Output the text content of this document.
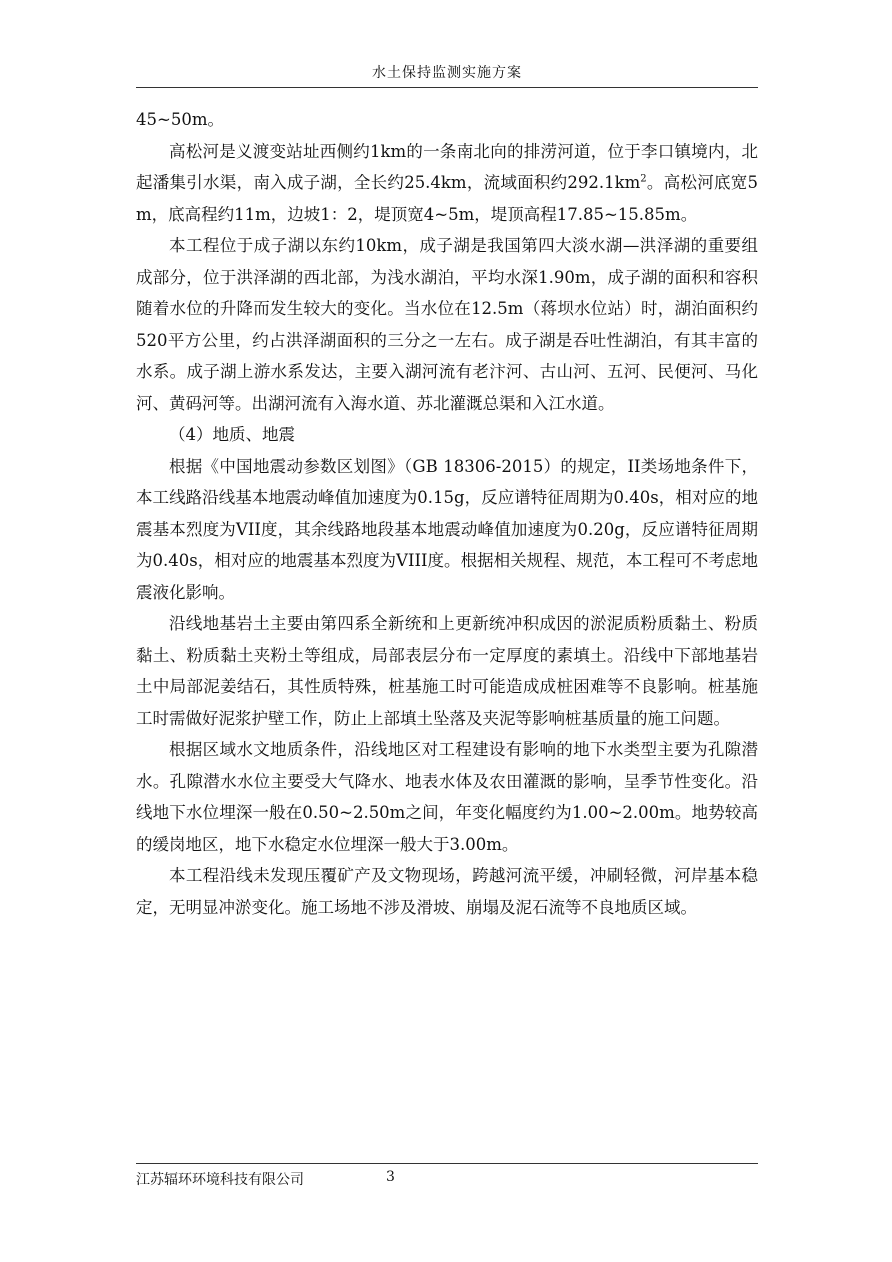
水土保持监测实施方案

45~50m。

高松河是义渡变站址西侧约1km的一条南北向的排涝河道，位于李口镇境内，北起潘集引水渠，南入成子湖，全长约25.4km，流域面积约$292.1km^2$。高松河底宽5m，底高程约11m，边坡1：2，堤顶宽4~5m，堤顶高程17.85~15.85m。

本工程位于成子湖以东约10km，成子湖是我国第四大淡水湖—洪泽湖的重要组成部分，位于洪泽湖的西北部，为浅水湖泊，平均水深1.90m，成子湖的面积和容积随着水位的升降而发生较大的变化。当水位在12.5m（蒋坝水位站）时，湖泊面积约520平方公里，约占洪泽湖面积的三分之一左右。成子湖是吞吐性湖泊，有其丰富的水系。成子湖上游水系发达，主要入湖河流有老汴河、古山河、五河、民便河、马化河、黄码河等。出湖河流有入海水道、苏北灌溉总渠和入江水道。

（4）地质、地震

根据《中国地震动参数区划图》（GB 18306-2015）的规定，II类场地条件下，本工线路沿线基本地震动峰值加速度为0.15g，反应谱特征周期为0.40s，相对应的地震基本烈度为VII度，其余线路地段基本地震动峰值加速度为0.20g，反应谱特征周期为0.40s，相对应的地震基本烈度为VIII度。根据相关规程、规范，本工程可不考虑地震液化影响。

沿线地基岩土主要由第四系全新统和上更新统冲积成因的淤泥质粉质黏土、粉质黏土、粉质黏土夹粉土等组成，局部表层分布一定厚度的素填土。沿线中下部地基岩土中局部泥姜结石，其性质特殊，桩基施工时可能造成成桩困难等不良影响。桩基施工时需做好泥浆护壁工作，防止上部填土坠落及夹泥等影响桩基质量的施工问题。

根据区域水文地质条件，沿线地区对工程建设有影响的地下水类型主要为孔隙潜水。孔隙潜水水位主要受大气降水、地表水体及农田灌溉的影响，呈季节性变化。沿线地下水位埋深一般在0.50~2.50m之间，年变化幅度约为1.00~2.00m。地势较高的缓岗地区，地下水稳定水位埋深一般大于3.00m。

本工程沿线未发现压覆矿产及文物现场，跨越河流平缓，冲刷轻微，河岸基本稳定，无明显冲淤变化。施工场地不涉及滑坡、崩塌及泥石流等不良地质区域。

江苏辐环环境科技有限公司	3
